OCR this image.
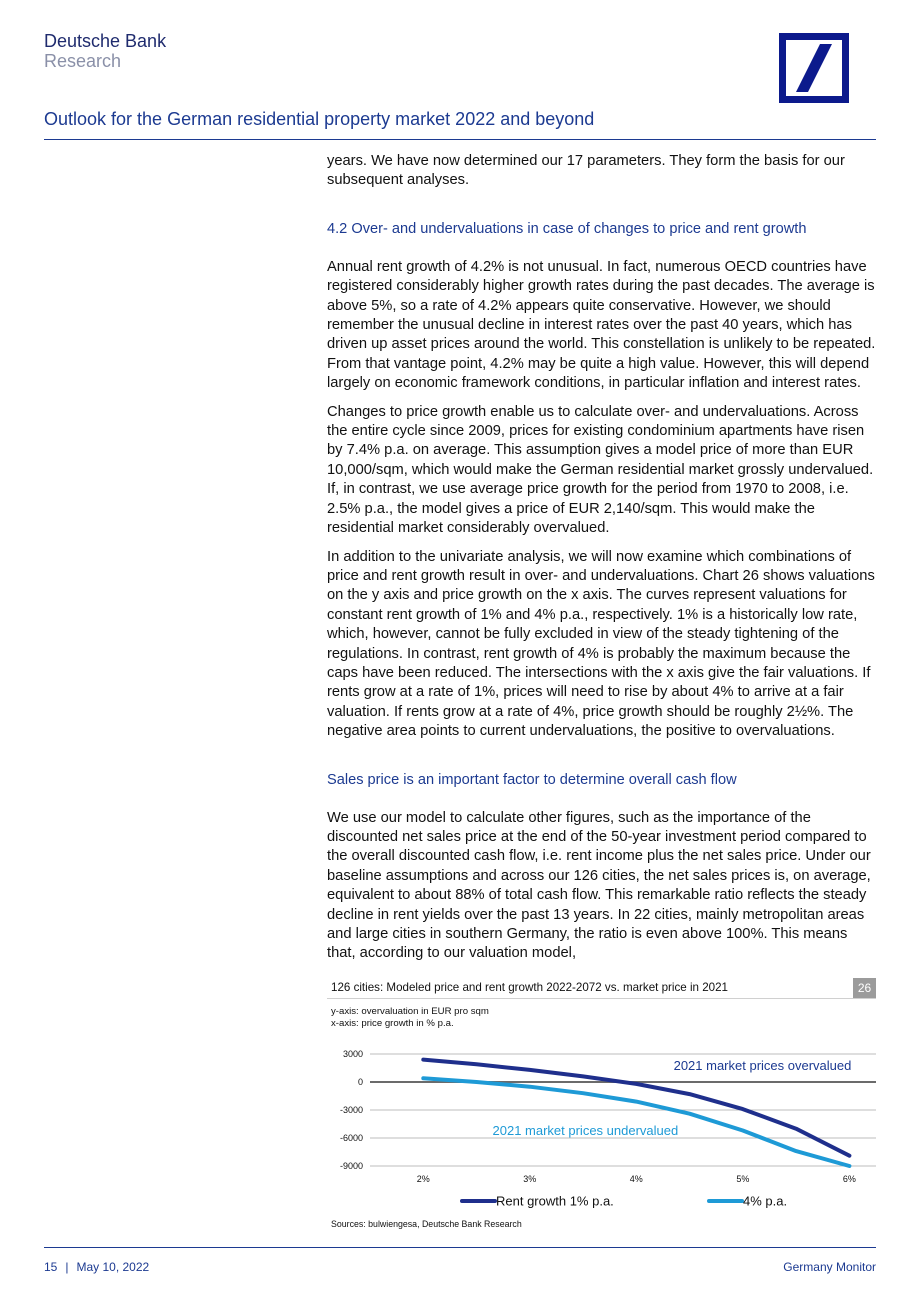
Deutsche Bank
Research
Outlook for the German residential property market 2022 and beyond

years. We have now determined our 17 parameters. They form the basis for our subsequent analyses.

4.2 Over- and undervaluations in case of changes to price and rent growth

Annual rent growth of 4.2% is not unusual. In fact, numerous OECD countries have registered considerably higher growth rates during the past decades. The average is above 5%, so a rate of 4.2% appears quite conservative. However, we should remember the unusual decline in interest rates over the past 40 years, which has driven up asset prices around the world. This constellation is unlikely to be repeated. From that vantage point, 4.2% may be quite a high value. However, this will depend largely on economic framework conditions, in particular inflation and interest rates.

Changes to price growth enable us to calculate over- and undervaluations. Across the entire cycle since 2009, prices for existing condominium apartments have risen by 7.4% p.a. on average. This assumption gives a model price of more than EUR 10,000/sqm, which would make the German residential market grossly undervalued. If, in contrast, we use average price growth for the period from 1970 to 2008, i.e. 2.5% p.a., the model gives a price of EUR 2,140/sqm. This would make the residential market considerably overvalued.

In addition to the univariate analysis, we will now examine which combinations of price and rent growth result in over- and undervaluations. Chart 26 shows valuations on the y axis and price growth on the x axis. The curves represent valuations for constant rent growth of 1% and 4% p.a., respectively. 1% is a historically low rate, which, however, cannot be fully excluded in view of the steady tightening of the regulations. In contrast, rent growth of 4% is probably the maximum because the caps have been reduced. The intersections with the x axis give the fair valuations. If rents grow at a rate of 1%, prices will need to rise by about 4% to arrive at a fair valuation. If rents grow at a rate of 4%, price growth should be roughly 2½%. The negative area points to current undervaluations, the positive to overvaluations.

Sales price is an important factor to determine overall cash flow

We use our model to calculate other figures, such as the importance of the discounted net sales price at the end of the 50-year investment period compared to the overall discounted cash flow, i.e. rent income plus the net sales price. Under our baseline assumptions and across our 126 cities, the net sales prices is, on average, equivalent to about 88% of total cash flow. This remarkable ratio reflects the steady decline in rent yields over the past 13 years. In 22 cities, mainly metropolitan areas and large cities in southern Germany, the ratio is even above 100%. This means that, according to our valuation model,

126 cities: Modeled price and rent growth 2022-2072 vs. market price in 2021	26
y-axis: overvaluation in EUR pro sqm
x-axis: price growth in % p.a.
3000
0
-3000
-6000
-9000
2%	3%	4%	5%	6%
2021 market prices overvalued
2021 market prices undervalued
Rent growth 1% p.a.	4% p.a.
Sources: bulwiengesa, Deutsche Bank Research
15 | May 10, 2022	Germany Monitor
